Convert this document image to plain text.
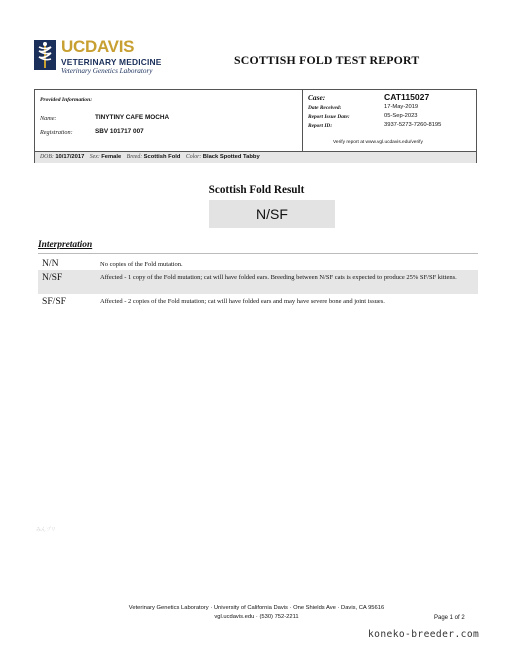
UCDAVIS
VETERINARY MEDICINE
Veterinary Genetics Laboratory
SCOTTISH FOLD TEST REPORT
Provided Information:
Name:	TINYTINY CAFE MOCHA
Registration:	SBV 101717 007
Case:	CAT115027
Date Received:	17-May-2019
Report Issue Date:	05-Sep-2023
Report ID:	3937-5273-7260-8195
Verify report at www.vgl.ucdavis.edu/verify
DOB: 10/17/2017 Sex: Female Breed: Scottish Fold Color: Black Spotted Tabby
Scottish Fold Result
N/SF
Interpretation
N/N	No copies of the Fold mutation.
N/SF	Affected - 1 copy of the Fold mutation; cat will have folded ears. Breeding between N/SF cats is expected to produce 25% SF/SF kittens.
SF/SF	Affected - 2 copies of the Fold mutation; cat will have folded ears and may have severe bone and joint issues.
みんプリ
Veterinary Genetics Laboratory · University of California Davis · One Shields Ave · Davis, CA 95616
vgl.ucdavis.edu · (530) 752-2211	Page 1 of 2
koneko-breeder.com
